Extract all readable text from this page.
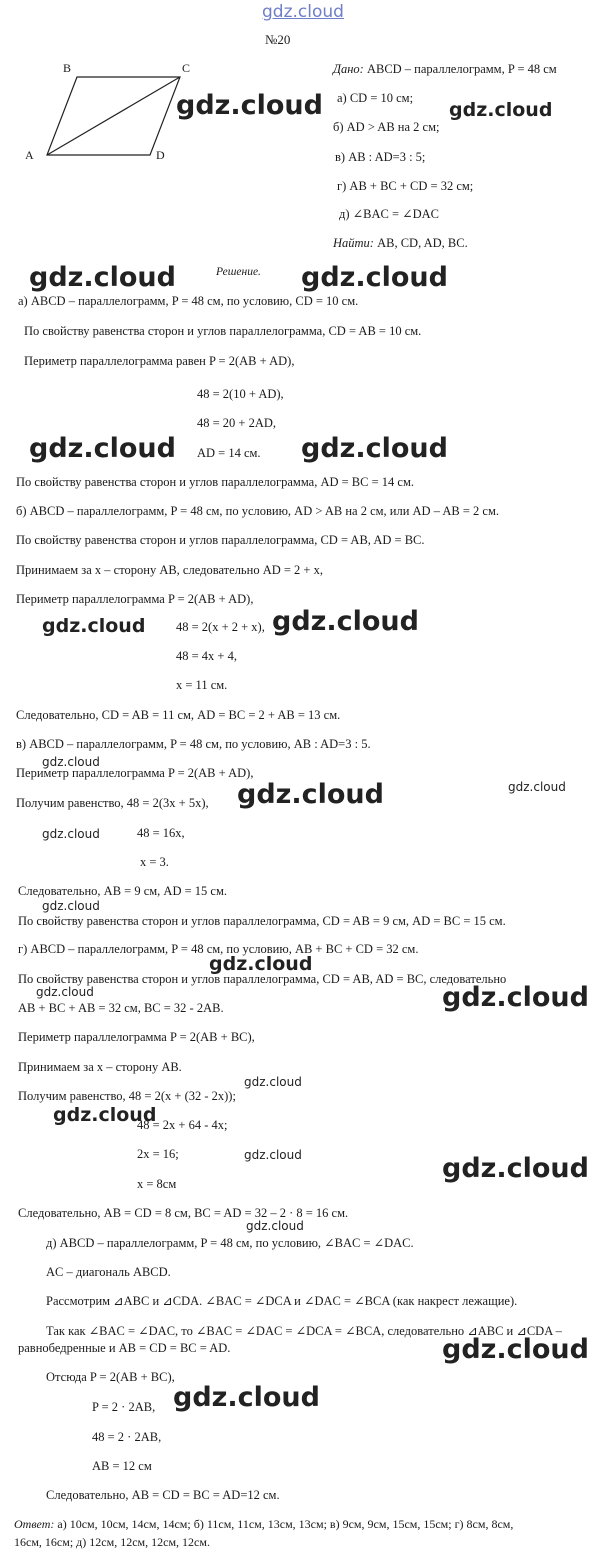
gdz.cloud
№20
B	C
A	D
Дано: ABCD – параллелограмм, P = 48 см
а) CD = 10 см;
б) AD > AB на 2 см;
в) AB : AD=3 : 5;
г) AB + BC + CD = 32 см;
д) ∠BAC = ∠DAC
Найти: AB, CD, AD, BC.
Решение.
а) ABCD – параллелограмм, P = 48 см, по условию, CD = 10 см.
По свойству равенства сторон и углов параллелограмма, CD = AB = 10 см.
Периметр параллелограмма равен P = 2(AB + AD),
48 = 2(10 + AD),
48 = 20 + 2AD,
AD = 14 см.
По свойству равенства сторон и углов параллелограмма, AD = BC = 14 см.
б) ABCD – параллелограмм, P = 48 см, по условию, AD > AB на 2 см, или AD – AB = 2 см.
По свойству равенства сторон и углов параллелограмма, CD = AB, AD = BC.
Принимаем за x – сторону AB, следовательно AD = 2 + x,
Периметр параллелограмма P = 2(AB + AD),
48 = 2(x + 2 + x),
48 = 4x + 4,
x = 11 см.
Следовательно, CD = AB = 11 см, AD = BC = 2 + AB = 13 см.
в) ABCD – параллелограмм, P = 48 см, по условию, AB : AD=3 : 5.
Периметр параллелограмма P = 2(AB + AD),
Получим равенство, 48 = 2(3x + 5x),
48 = 16x,
x = 3.
Следовательно, AB = 9 см, AD = 15 см.
По свойству равенства сторон и углов параллелограмма, CD = AB = 9 см, AD = BC = 15 см.
г) ABCD – параллелограмм, P = 48 см, по условию, AB + BC + CD = 32 см.
По свойству равенства сторон и углов параллелограмма, CD = AB, AD = BC, следовательно
AB + BC + AB = 32 см, BC = 32 - 2AB.
Периметр параллелограмма P = 2(AB + BC),
Принимаем за x – сторону AB.
Получим равенство, 48 = 2(x + (32 - 2x));
48 = 2x + 64 - 4x;
2x = 16;
x = 8см
Следовательно, AB = CD = 8 см, BC = AD = 32 – 2 · 8 = 16 см.
д) ABCD – параллелограмм, P = 48 см, по условию, ∠BAC = ∠DAC.
AC – диагональ ABCD.
Рассмотрим ⊿ABC и ⊿CDA. ∠BAC = ∠DCA и ∠DAC = ∠BCA (как накрест лежащие).
Так как ∠BAC = ∠DAC, то ∠BAC = ∠DAC = ∠DCA = ∠BCA, следовательно ⊿ABC и ⊿CDA –
равнобедренные и AB = CD = BC = AD.
Отсюда P = 2(AB + BC),
P = 2 · 2AB,
48 = 2 · 2AB,
AB = 12 см
Следовательно, AB = CD = BC = AD=12 см.
Ответ: а) 10см, 10см, 14см, 14см; б) 11см, 11см, 13см, 13см; в) 9см, 9см, 15см, 15см; г) 8см, 8см,
16см, 16см; д) 12см, 12см, 12см, 12см.
gdz.cloud	gdz.cloud
gdz.cloud	gdz.cloud
gdz.cloud	gdz.cloud
gdz.cloud	gdz.cloud
gdz.cloud
gdz.cloud	gdz.cloud
gdz.cloud
gdz.cloud
gdz.cloud
gdz.cloud	gdz.cloud
gdz.cloud
gdz.cloud
gdz.cloud	gdz.cloud
gdz.cloud
gdz.cloud
gdz.cloud
